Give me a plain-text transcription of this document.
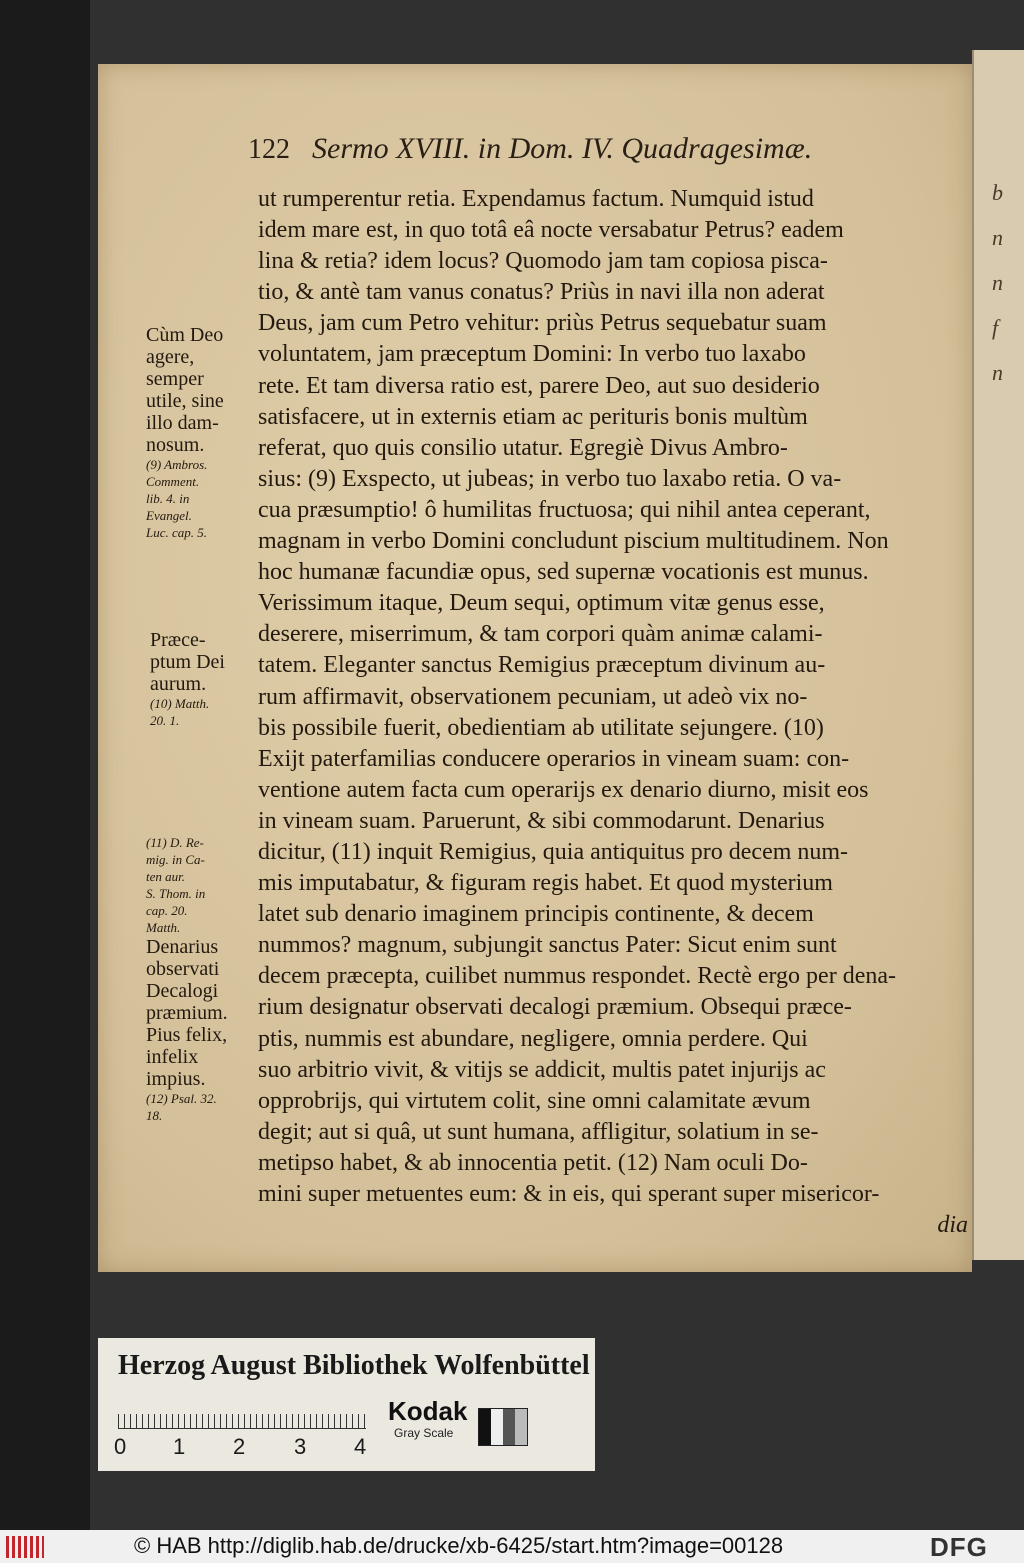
b
n
n
f
n
122 Sermo XVIII. in Dom. IV. Quadragesimæ.
ut rumperentur retia. Expendamus factum. Numquid istud
idem mare est, in quo totâ eâ nocte versabatur Petrus? eadem
lina & retia? idem locus? Quomodo jam tam copiosa pisca-
tio, & antè tam vanus conatus? Priùs in navi illa non aderat
Deus, jam cum Petro vehitur: priùs Petrus sequebatur suam
voluntatem, jam præceptum Domini: In verbo tuo laxabo
rete. Et tam diversa ratio est, parere Deo, aut suo desiderio
satisfacere, ut in externis etiam ac perituris bonis multùm
referat, quo quis consilio utatur. Egregiè Divus Ambro-
sius: (9) Exspecto, ut jubeas; in verbo tuo laxabo retia. O va-
cua præsumptio! ô humilitas fructuosa; qui nihil antea ceperant,
magnam in verbo Domini concludunt piscium multitudinem. Non
hoc humanæ facundiæ opus, sed supernæ vocationis est munus.
Verissimum itaque, Deum sequi, optimum vitæ genus esse,
deserere, miserrimum, & tam corpori quàm animæ calami-
tatem. Eleganter sanctus Remigius præceptum divinum au-
rum affirmavit, observationem pecuniam, ut adeò vix no-
bis possibile fuerit, obedientiam ab utilitate sejungere. (10)
Exijt paterfamilias conducere operarios in vineam suam: con-
ventione autem facta cum operarijs ex denario diurno, misit eos
in vineam suam. Paruerunt, & sibi commodarunt. Denarius
dicitur, (11) inquit Remigius, quia antiquitus pro decem num-
mis imputabatur, & figuram regis habet. Et quod mysterium
latet sub denario imaginem principis continente, & decem
nummos? magnum, subjungit sanctus Pater: Sicut enim sunt
decem præcepta, cuilibet nummus respondet. Rectè ergo per dena-
rium designatur observati decalogi præmium. Obsequi præce-
ptis, nummis est abundare, negligere, omnia perdere. Qui
suo arbitrio vivit, & vitijs se addicit, multis patet injurijs ac
opprobrijs, qui virtutem colit, sine omni calamitate ævum
degit; aut si quâ, ut sunt humana, affligitur, solatium in se-
metipso habet, & ab innocentia petit. (12) Nam oculi Do-
mini super metuentes eum: & in eis, qui sperant super misericor-
dia
Cùm Deo
agere,
semper
utile, sine
illo dam-
nosum.
(9) Ambros.
Comment.
lib. 4. in
Evangel.
Luc. cap. 5.
Præce-
ptum Dei
aurum.
(10) Matth.
20. 1.
(11) D. Re-
mig. in Ca-
ten aur.
S. Thom. in
cap. 20.
Matth.
Denarius
observati
Decalogi
præmium.
Pius felix,
infelix
impius.
(12) Psal. 32.
18.
Herzog August Bibliothek Wolfenbüttel
0 1 2 3 4
Kodak
Gray Scale
© HAB http://diglib.hab.de/drucke/xb-6425/start.htm?image=00128	DFG
